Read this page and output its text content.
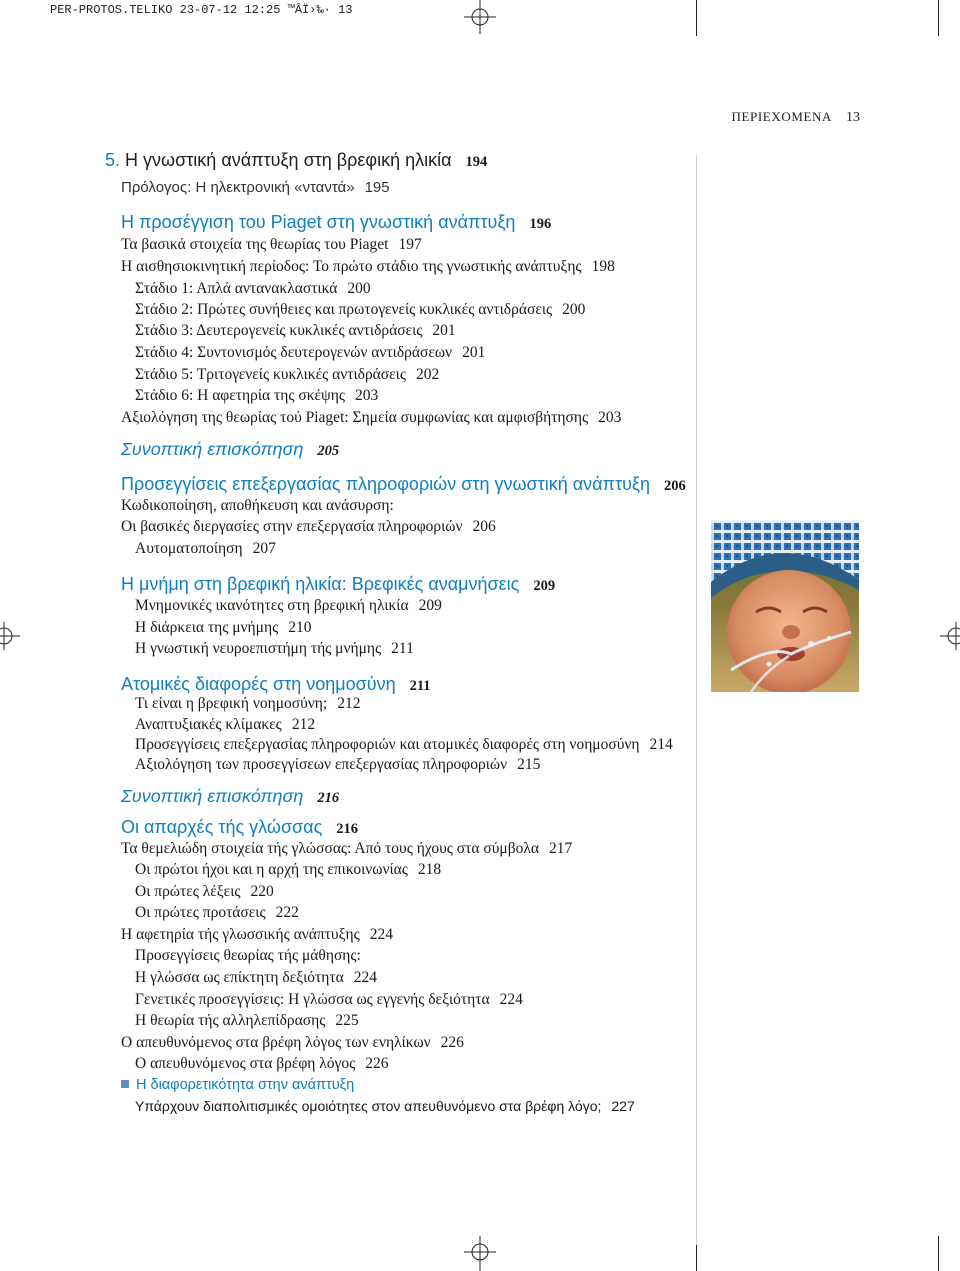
PER-PROTOS.TELIKO 23-07-12 12:25 ™ÂÏ›‰· 13
ΠΕΡΙΕΧΟΜΕΝΑ 13
5. Η γνωστική ανάπτυξη στη βρεφική ηλικία 194
Πρόλογος: Η ηλεκτρονική «νταντά» 195
Η προσέγγιση του Piaget στη γνωστική ανάπτυξη 196
Τα βασικά στοιχεία της θεωρίας του Piaget 197
Η αισθησιοκινητική περίοδος: Το πρώτο στάδιο της γνωστικής ανάπτυξης 198
Στάδιο 1: Απλά αντανακλαστικά 200
Στάδιο 2: Πρώτες συνήθειες και πρωτογενείς κυκλικές αντιδράσεις 200
Στάδιο 3: Δευτερογενείς κυκλικές αντιδράσεις 201
Στάδιο 4: Συντονισμός δευτερογενών αντιδράσεων 201
Στάδιο 5: Τριτογενείς κυκλικές αντιδράσεις 202
Στάδιο 6: Η αφετηρία της σκέψης 203
Αξιολόγηση της θεωρίας τού Piaget: Σημεία συμφωνίας και αμφισβήτησης 203
Συνοπτική επισκόπηση 205
Προσεγγίσεις επεξεργασίας πληροφοριών στη γνωστική ανάπτυξη 206
Κωδικοποίηση, αποθήκευση και ανάσυρση:
Οι βασικές διεργασίες στην επεξεργασία πληροφοριών 206
Αυτοματοποίηση 207
Η μνήμη στη βρεφική ηλικία: Βρεφικές αναμνήσεις 209
Μνημονικές ικανότητες στη βρεφική ηλικία 209
Η διάρκεια της μνήμης 210
Η γνωστική νευροεπιστήμη τής μνήμης 211
Ατομικές διαφορές στη νοημοσύνη 211
Τι είναι η βρεφική νοημοσύνη; 212
Αναπτυξιακές κλίμακες 212
Προσεγγίσεις επεξεργασίας πληροφοριών και ατομικές διαφορές στη νοημοσύνη 214
Αξιολόγηση των προσεγγίσεων επεξεργασίας πληροφοριών 215
Συνοπτική επισκόπηση 216
Οι απαρχές τής γλώσσας 216
Τα θεμελιώδη στοιχεία τής γλώσσας: Από τους ήχους στα σύμβολα 217
Οι πρώτοι ήχοι και η αρχή της επικοινωνίας 218
Οι πρώτες λέξεις 220
Οι πρώτες προτάσεις 222
Η αφετηρία τής γλωσσικής ανάπτυξης 224
Προσεγγίσεις θεωρίας τής μάθησης:
Η γλώσσα ως επίκτητη δεξιότητα 224
Γενετικές προσεγγίσεις: Η γλώσσα ως εγγενής δεξιότητα 224
Η θεωρία τής αλληλεπίδρασης 225
Ο απευθυνόμενος στα βρέφη λόγος των ενηλίκων 226
Ο απευθυνόμενος στα βρέφη λόγος 226
Η διαφορετικότητα στην ανάπτυξη
Υπάρχουν διαπολιτισμικές ομοιότητες στον απευθυνόμενο στα βρέφη λόγο; 227
